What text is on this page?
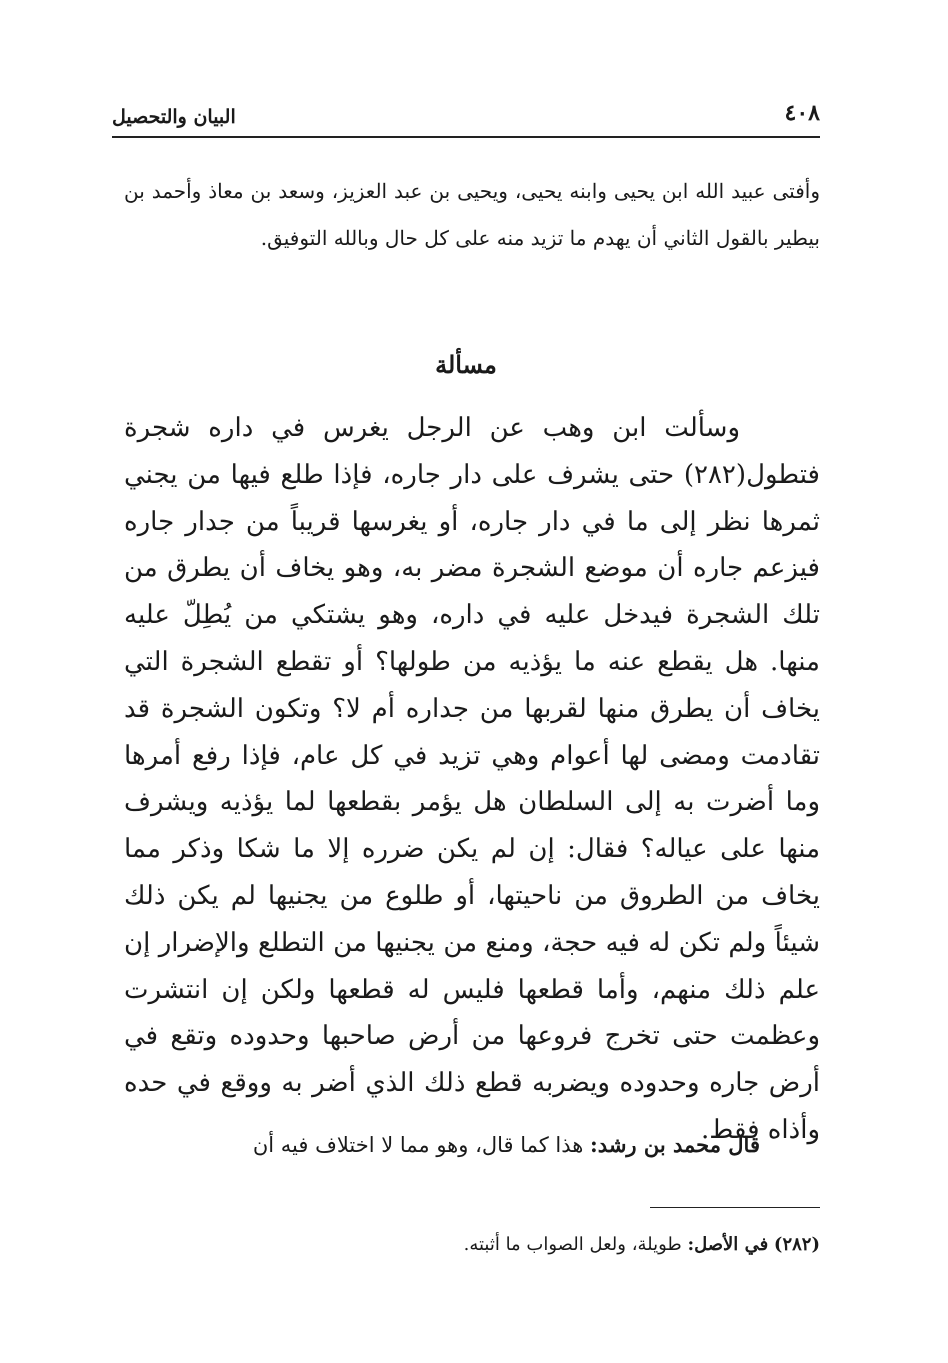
٤٠٨
البيان والتحصيل

وأفتى عبيد الله ابن يحيى وابنه يحيى، ويحيى بن عبد العزيز، وسعد بن معاذ وأحمد بن بيطير بالقول الثاني أن يهدم ما تزيد منه على كل حال وبالله التوفيق.

مسألة

وسألت ابن وهب عن الرجل يغرس في داره شجرة فتطول(٢٨٢) حتى يشرف على دار جاره، فإذا طلع فيها من يجني ثمرها نظر إلى ما في دار جاره، أو يغرسها قريباً من جدار جاره فيزعم جاره أن موضع الشجرة مضر به، وهو يخاف أن يطرق من تلك الشجرة فيدخل عليه في داره، وهو يشتكي من يُطِلّ عليه منها. هل يقطع عنه ما يؤذيه من طولها؟ أو تقطع الشجرة التي يخاف أن يطرق منها لقربها من جداره أم لا؟ وتكون الشجرة قد تقادمت ومضى لها أعوام وهي تزيد في كل عام، فإذا رفع أمرها وما أضرت به إلى السلطان هل يؤمر بقطعها لما يؤذيه ويشرف منها على عياله؟ فقال: إن لم يكن ضرره إلا ما شكا وذكر مما يخاف من الطروق من ناحيتها، أو طلوع من يجنيها لم يكن ذلك شيئاً ولم تكن له فيه حجة، ومنع من يجنيها من التطلع والإضرار إن علم ذلك منهم، وأما قطعها فليس له قطعها ولكن إن انتشرت وعظمت حتى تخرج فروعها من أرض صاحبها وحدوده وتقع في أرض جاره وحدوده ويضربه قطع ذلك الذي أضر به ووقع في حده وأذاه فقط.

قال محمد بن رشد: هذا كما قال، وهو مما لا اختلاف فيه أن

(٢٨٢) في الأصل: طويلة، ولعل الصواب ما أثبته.
